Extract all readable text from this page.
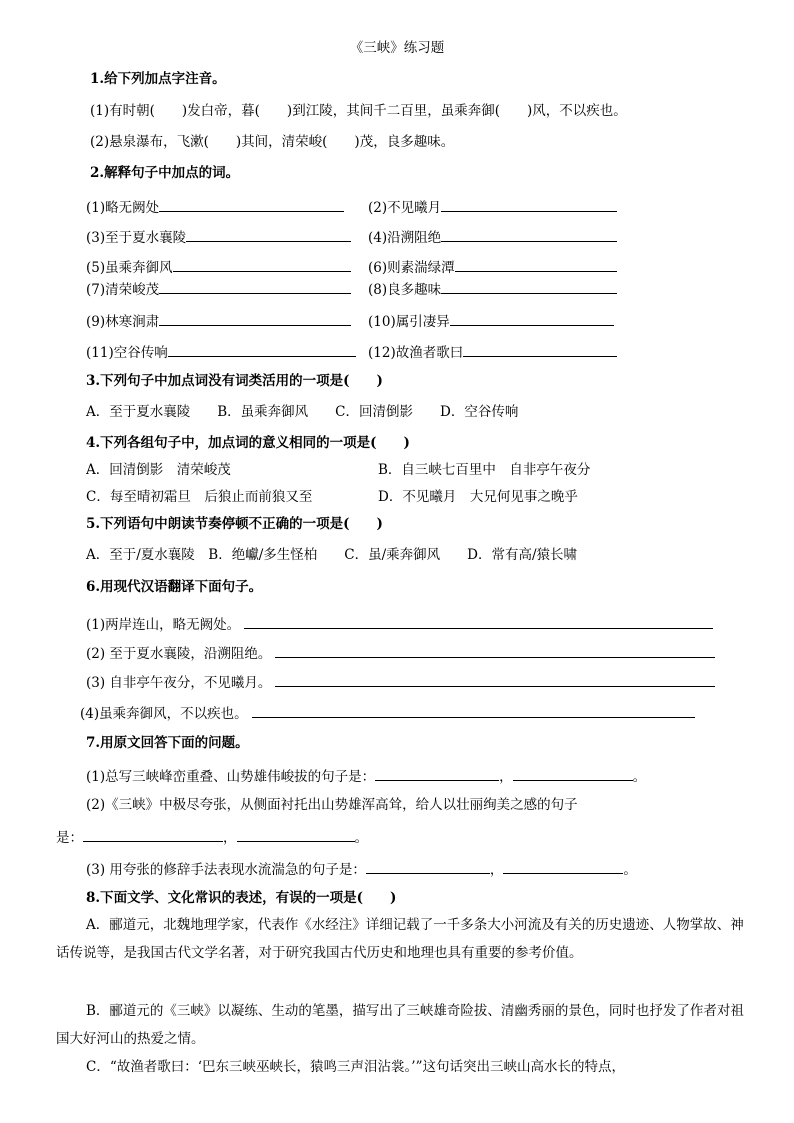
《三峡》练习题
1.给下列加点字注音。
(1)有时朝(　　)发白帝，暮(　　)到江陵，其间千二百里，虽乘奔御(　　)风，不以疾也。
(2)悬泉瀑布，飞漱(　　)其间，清荣峻(　　)茂，良多趣味。
2.解释句子中加点的词。
(1)略无阙处	(2)不见曦月
(3)至于夏水襄陵	(4)沿溯阻绝
(5)虽乘奔御风	(6)则素湍绿潭
(7)清荣峻茂	(8)良多趣味
(9)林寒涧肃	(10)属引凄异
(11)空谷传响	(12)故渔者歌曰
3.下列句子中加点词没有词类活用的一项是(　　)
A．至于夏水襄陵　　B．虽乘奔御风　　C．回清倒影　　D．空谷传响
4.下列各组句子中，加点词的意义相同的一项是(　　)
A．回清倒影　清荣峻茂	B．自三峡七百里中　自非亭午夜分
C．每至晴初霜旦　后狼止而前狼又至	D．不见曦月　大兄何见事之晚乎
5.下列语句中朗读节奏停顿不正确的一项是(　　)
A．至于/夏水襄陵　B．绝巘/多生怪柏　　C．虽/乘奔御风　　D．常有高/猿长啸
6.用现代汉语翻译下面句子。
(1)两岸连山，略无阙处。
(2) 至于夏水襄陵，沿溯阻绝。
(3) 自非亭午夜分，不见曦月。
(4)虽乘奔御风，不以疾也。
7.用原文回答下面的问题。
(1)总写三峡峰峦重叠、山势雄伟峻拔的句子是：	，	。
(2)《三峡》中极尽夸张，从侧面衬托出山势雄浑高耸，给人以壮丽绚美之感的句子
是：	，	。
(3) 用夸张的修辞手法表现水流湍急的句子是：	，	。
8.下面文学、文化常识的表述，有误的一项是(　　)
A．郦道元，北魏地理学家，代表作《水经注》详细记载了一千多条大小河流及有关的历史遗迹、人物掌故、神话传说等，是我国古代文学名著，对于研究我国古代历史和地理也具有重要的参考价值。
B．郦道元的《三峡》以凝练、生动的笔墨，描写出了三峡雄奇险拔、清幽秀丽的景色，同时也抒发了作者对祖国大好河山的热爱之情。
C．“故渔者歌曰：‘巴东三峡巫峡长，猿鸣三声泪沾裳。’”这句话突出三峡山高水长的特点，
